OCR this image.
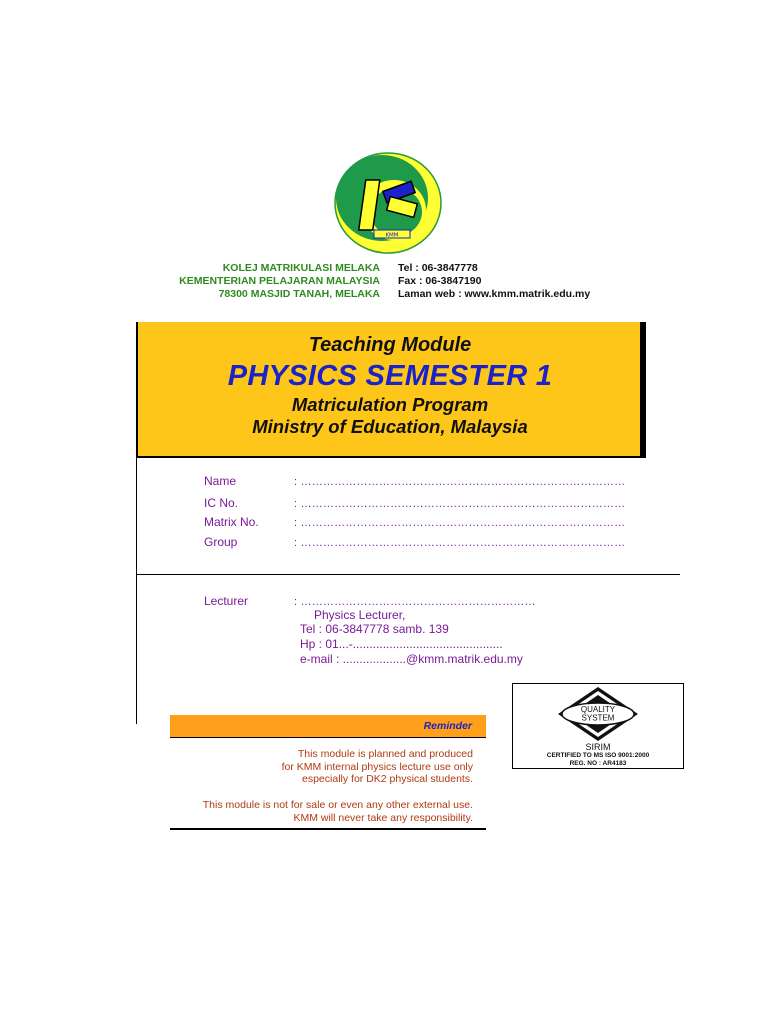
KMM
KOLEJ MATRIKULASI MELAKA
KEMENTERIAN PELAJARAN MALAYSIA
78300 MASJID TANAH, MELAKA
Tel : 06-3847778
Fax : 06-3847190
Laman web : www.kmm.matrik.edu.my
Teaching Module
PHYSICS SEMESTER 1
Matriculation Program
Ministry of Education, Malaysia
Name	: ……………………………………………………………………………
IC No.	: ……………………………………………………………………………
Matrix No.	: ……………………………………………………………………………
Group	: ……………………………………………………………………………
Lecturer	: ………………………………………………………
Physics Lecturer,
Tel : 06-3847778 samb. 139
Hp : 01...-.............................................
e-mail : ...................@kmm.matrik.edu.my
Reminder
This module is planned and produced
for KMM internal physics lecture use only
especially for DK2 physical students.
This module is not for sale or even any other external use.
KMM will never take any responsibility.
QUALITY
SYSTEM
SIRIM
CERTIFIED TO MS ISO 9001:2000
REG. NO : AR4183
